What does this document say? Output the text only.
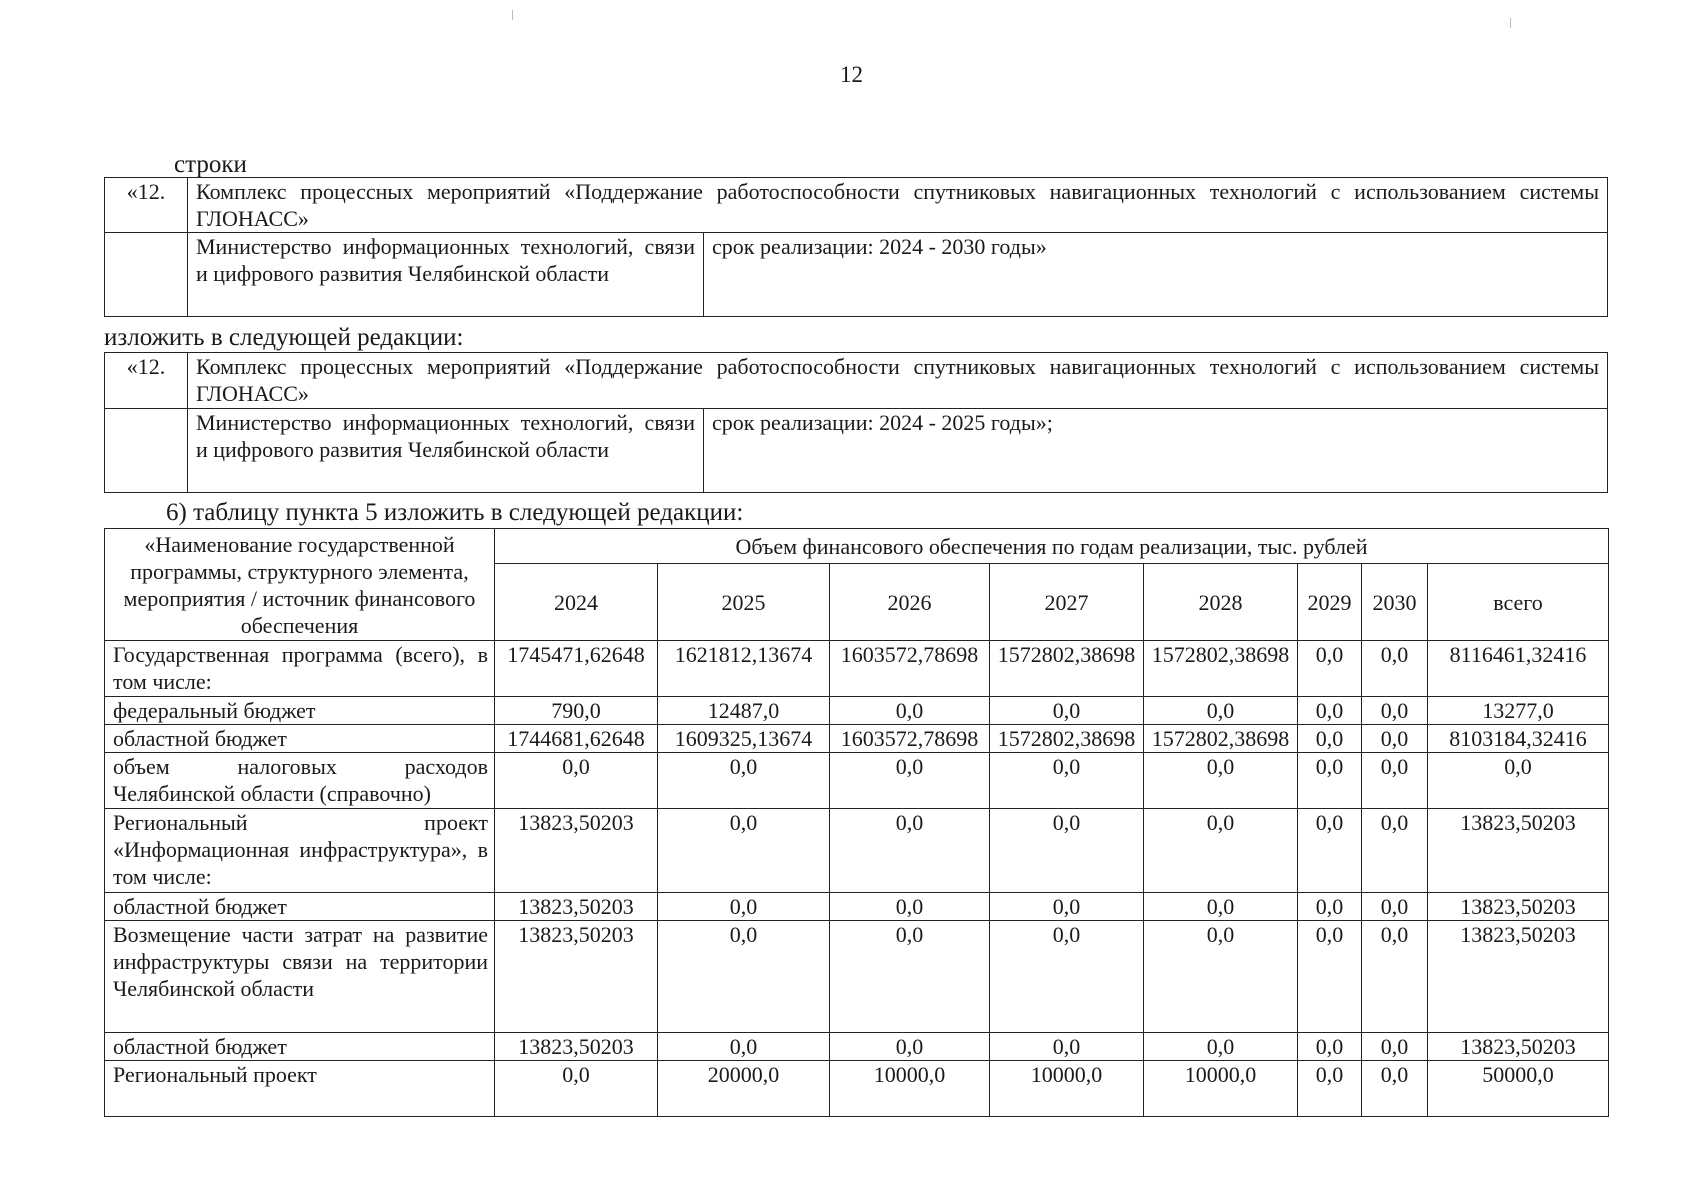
12
строки
«12.	Комплекс процессных мероприятий «Поддержание работоспособности спутниковых навигационных технологий с использованием системы ГЛОНАСС»	
	Министерство информационных технологий, связи и цифрового развития Челябинской области	срок реализации: 2024 - 2030 годы»
изложить в следующей редакции:
«12.	Комплекс процессных мероприятий «Поддержание работоспособности спутниковых навигационных технологий с использованием системы ГЛОНАСС»	
	Министерство информационных технологий, связи и цифрового развития Челябинской области	срок реализации: 2024 - 2025 годы»;
6) таблицу пункта 5 изложить в следующей редакции:
«Наименование государственной программы, структурного элемента, мероприятия / источник финансового обеспечения	Объем финансового обеспечения по годам реализации, тыс. рублей							
	2024	2025	2026	2027	2028	2029	2030	всего
Государственная программа (всего), в том числе:	1745471,62648	1621812,13674	1603572,78698	1572802,38698	1572802,38698	0,0	0,0	8116461,32416
федеральный бюджет	790,0	12487,0	0,0	0,0	0,0	0,0	0,0	13277,0
областной бюджет	1744681,62648	1609325,13674	1603572,78698	1572802,38698	1572802,38698	0,0	0,0	8103184,32416
объем налоговых расходов Челябинской области (справочно)	0,0	0,0	0,0	0,0	0,0	0,0	0,0	0,0
Региональный проект «Информационная инфраструктура», в том числе:	13823,50203	0,0	0,0	0,0	0,0	0,0	0,0	13823,50203
областной бюджет	13823,50203	0,0	0,0	0,0	0,0	0,0	0,0	13823,50203
Возмещение части затрат на развитие инфраструктуры связи на территории Челябинской области	13823,50203	0,0	0,0	0,0	0,0	0,0	0,0	13823,50203
областной бюджет	13823,50203	0,0	0,0	0,0	0,0	0,0	0,0	13823,50203
Региональный проект	0,0	20000,0	10000,0	10000,0	10000,0	0,0	0,0	50000,0
